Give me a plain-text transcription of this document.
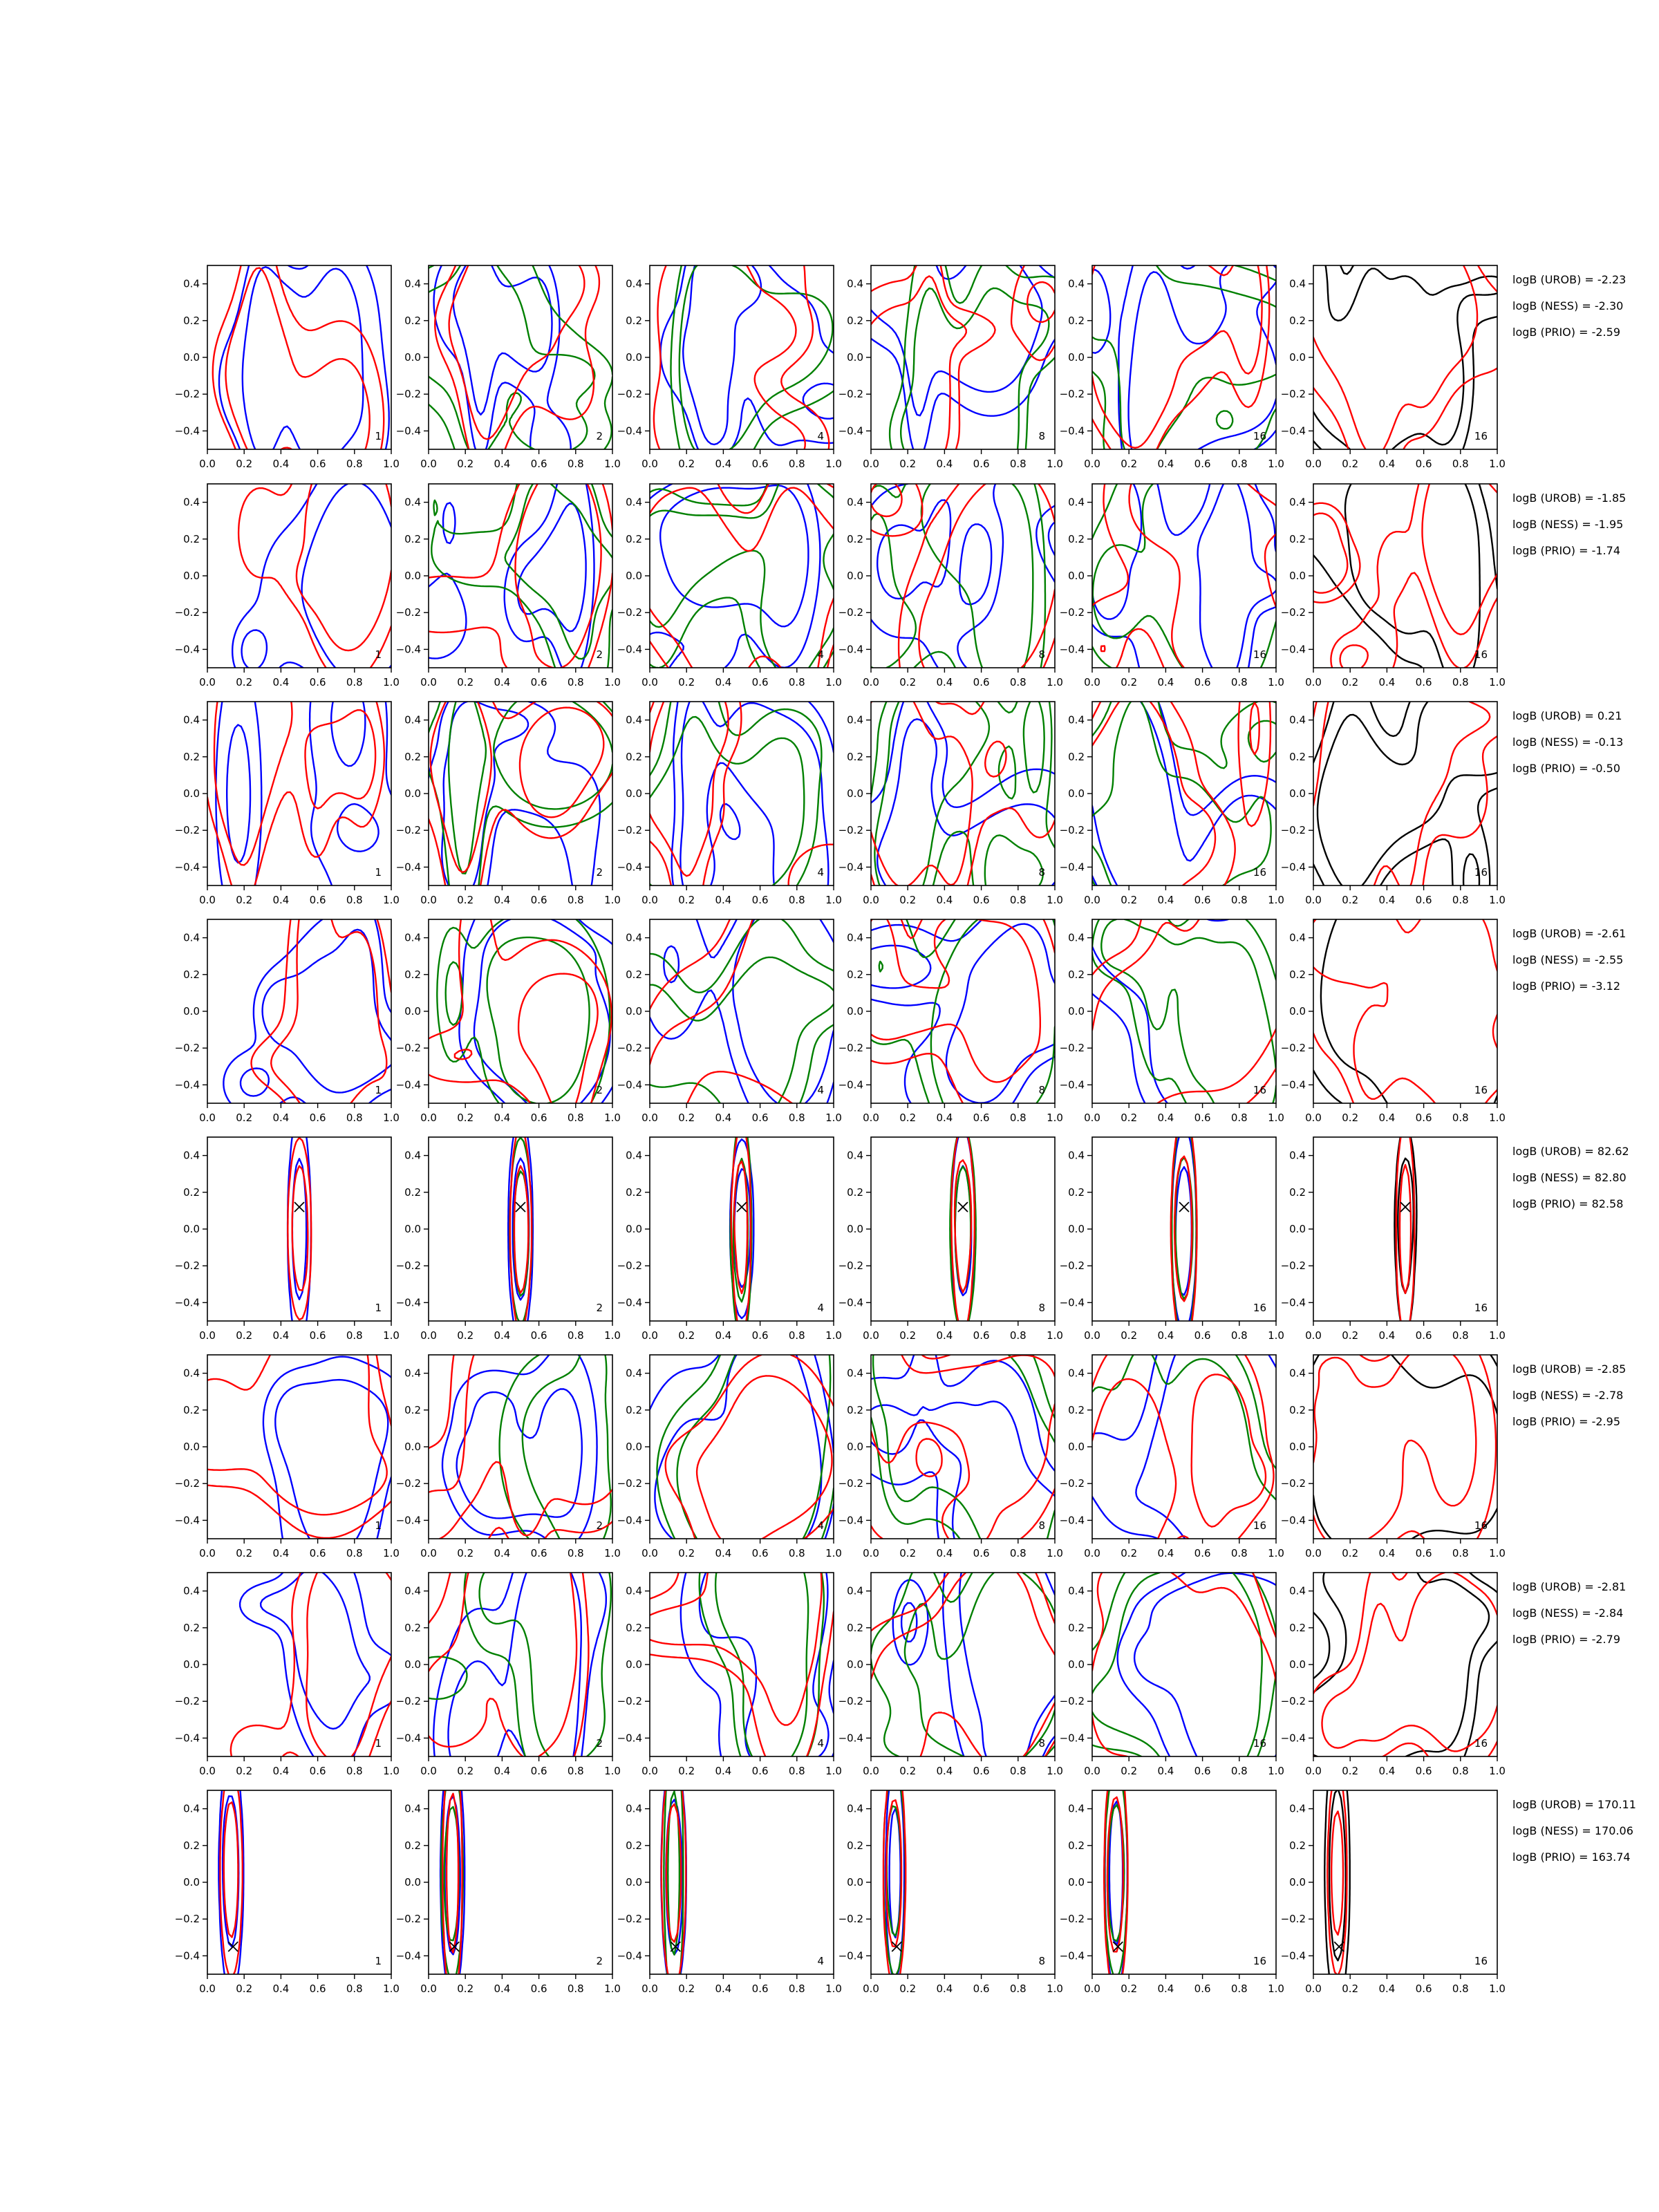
0.0 0.2 0.4 0.6 0.8 1.0
0.4
0.2
0.0
−0.2
−0.4	1
0.0 0.2 0.4 0.6 0.8 1.0
0.4
0.2
0.0
−0.2
−0.4	2
0.0 0.2 0.4 0.6 0.8 1.0
0.4
0.2
0.0
−0.2
−0.4	4
0.0 0.2 0.4 0.6 0.8 1.0
0.4
0.2
0.0
−0.2
−0.4	8
0.0 0.2 0.4 0.6 0.8 1.0
0.4
0.2
0.0
−0.2
−0.4	16
0.0 0.2 0.4 0.6 0.8 1.0
0.4
0.2
0.0
−0.2
−0.4	16
logB (UROB) = -2.23
logB (NESS) = -2.30
logB (PRIO) = -2.59
0.0 0.2 0.4 0.6 0.8 1.0
0.4
0.2
0.0
−0.2
−0.4	1
0.0 0.2 0.4 0.6 0.8 1.0
0.4
0.2
0.0
−0.2
−0.4	2
0.0 0.2 0.4 0.6 0.8 1.0
0.4
0.2
0.0
−0.2
−0.4	4
0.0 0.2 0.4 0.6 0.8 1.0
0.4
0.2
0.0
−0.2
−0.4	8
0.0 0.2 0.4 0.6 0.8 1.0
0.4
0.2
0.0
−0.2
−0.4	16
0.0 0.2 0.4 0.6 0.8 1.0
0.4
0.2
0.0
−0.2
−0.4	16
logB (UROB) = -1.85
logB (NESS) = -1.95
logB (PRIO) = -1.74
0.0 0.2 0.4 0.6 0.8 1.0
0.4
0.2
0.0
−0.2
−0.4	1
0.0 0.2 0.4 0.6 0.8 1.0
0.4
0.2
0.0
−0.2
−0.4	2
0.0 0.2 0.4 0.6 0.8 1.0
0.4
0.2
0.0
−0.2
−0.4	4
0.0 0.2 0.4 0.6 0.8 1.0
0.4
0.2
0.0
−0.2
−0.4	8
0.0 0.2 0.4 0.6 0.8 1.0
0.4
0.2
0.0
−0.2
−0.4	16
0.0 0.2 0.4 0.6 0.8 1.0
0.4
0.2
0.0
−0.2
−0.4	16
logB (UROB) = 0.21
logB (NESS) = -0.13
logB (PRIO) = -0.50
0.0 0.2 0.4 0.6 0.8 1.0
0.4
0.2
0.0
−0.2
−0.4	1
0.0 0.2 0.4 0.6 0.8 1.0
0.4
0.2
0.0
−0.2
−0.4	2
0.0 0.2 0.4 0.6 0.8 1.0
0.4
0.2
0.0
−0.2
−0.4	4
0.0 0.2 0.4 0.6 0.8 1.0
0.4
0.2
0.0
−0.2
−0.4	8
0.0 0.2 0.4 0.6 0.8 1.0
0.4
0.2
0.0
−0.2
−0.4	16
0.0 0.2 0.4 0.6 0.8 1.0
0.4
0.2
0.0
−0.2
−0.4	16
logB (UROB) = -2.61
logB (NESS) = -2.55
logB (PRIO) = -3.12
0.0 0.2 0.4 0.6 0.8 1.0
0.4
0.2
0.0
−0.2
−0.4	1
0.0 0.2 0.4 0.6 0.8 1.0
0.4
0.2
0.0
−0.2
−0.4	2
0.0 0.2 0.4 0.6 0.8 1.0
0.4
0.2
0.0
−0.2
−0.4	4
0.0 0.2 0.4 0.6 0.8 1.0
0.4
0.2
0.0
−0.2
−0.4	8
0.0 0.2 0.4 0.6 0.8 1.0
0.4
0.2
0.0
−0.2
−0.4	16
0.0 0.2 0.4 0.6 0.8 1.0
0.4
0.2
0.0
−0.2
−0.4	16
logB (UROB) = 82.62
logB (NESS) = 82.80
logB (PRIO) = 82.58
0.0 0.2 0.4 0.6 0.8 1.0
0.4
0.2
0.0
−0.2
−0.4	1
0.0 0.2 0.4 0.6 0.8 1.0
0.4
0.2
0.0
−0.2
−0.4	2
0.0 0.2 0.4 0.6 0.8 1.0
0.4
0.2
0.0
−0.2
−0.4	4
0.0 0.2 0.4 0.6 0.8 1.0
0.4
0.2
0.0
−0.2
−0.4	8
0.0 0.2 0.4 0.6 0.8 1.0
0.4
0.2
0.0
−0.2
−0.4	16
0.0 0.2 0.4 0.6 0.8 1.0
0.4
0.2
0.0
−0.2
−0.4	16
logB (UROB) = -2.85
logB (NESS) = -2.78
logB (PRIO) = -2.95
0.0 0.2 0.4 0.6 0.8 1.0
0.4
0.2
0.0
−0.2
−0.4	1
0.0 0.2 0.4 0.6 0.8 1.0
0.4
0.2
0.0
−0.2
−0.4	2
0.0 0.2 0.4 0.6 0.8 1.0
0.4
0.2
0.0
−0.2
−0.4	4
0.0 0.2 0.4 0.6 0.8 1.0
0.4
0.2
0.0
−0.2
−0.4	8
0.0 0.2 0.4 0.6 0.8 1.0
0.4
0.2
0.0
−0.2
−0.4	16
0.0 0.2 0.4 0.6 0.8 1.0
0.4
0.2
0.0
−0.2
−0.4	16
logB (UROB) = -2.81
logB (NESS) = -2.84
logB (PRIO) = -2.79
0.0 0.2 0.4 0.6 0.8 1.0
0.4
0.2
0.0
−0.2
−0.4	1
0.0 0.2 0.4 0.6 0.8 1.0
0.4
0.2
0.0
−0.2
−0.4	2
0.0 0.2 0.4 0.6 0.8 1.0
0.4
0.2
0.0
−0.2
−0.4	4
0.0 0.2 0.4 0.6 0.8 1.0
0.4
0.2
0.0
−0.2
−0.4	8
0.0 0.2 0.4 0.6 0.8 1.0
0.4
0.2
0.0
−0.2
−0.4	16
0.0 0.2 0.4 0.6 0.8 1.0
0.4
0.2
0.0
−0.2
−0.4	16
logB (UROB) = 170.11
logB (NESS) = 170.06
logB (PRIO) = 163.74
